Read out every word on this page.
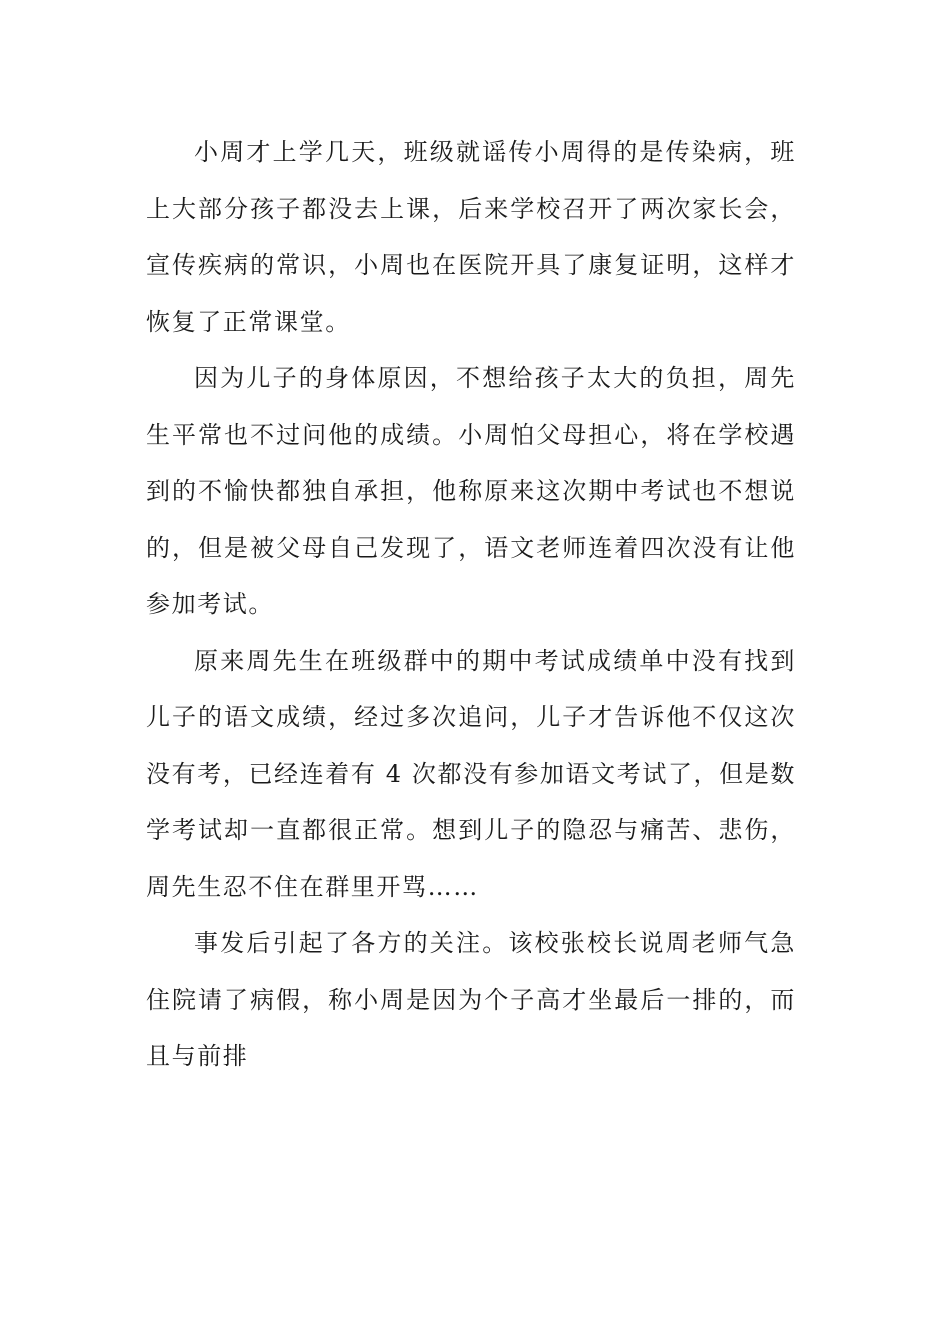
小周才上学几天，班级就谣传小周得的是传染病，班上大部分孩子都没去上课，后来学校召开了两次家长会，宣传疾病的常识，小周也在医院开具了康复证明，这样才恢复了正常课堂。

因为儿子的身体原因，不想给孩子太大的负担，周先生平常也不过问他的成绩。小周怕父母担心，将在学校遇到的不愉快都独自承担，他称原来这次期中考试也不想说的，但是被父母自己发现了，语文老师连着四次没有让他参加考试。

原来周先生在班级群中的期中考试成绩单中没有找到儿子的语文成绩，经过多次追问，儿子才告诉他不仅这次没有考，已经连着有 4 次都没有参加语文考试了，但是数学考试却一直都很正常。想到儿子的隐忍与痛苦、悲伤，周先生忍不住在群里开骂……

事发后引起了各方的关注。该校张校长说周老师气急住院请了病假，称小周是因为个子高才坐最后一排的，而且与前排
